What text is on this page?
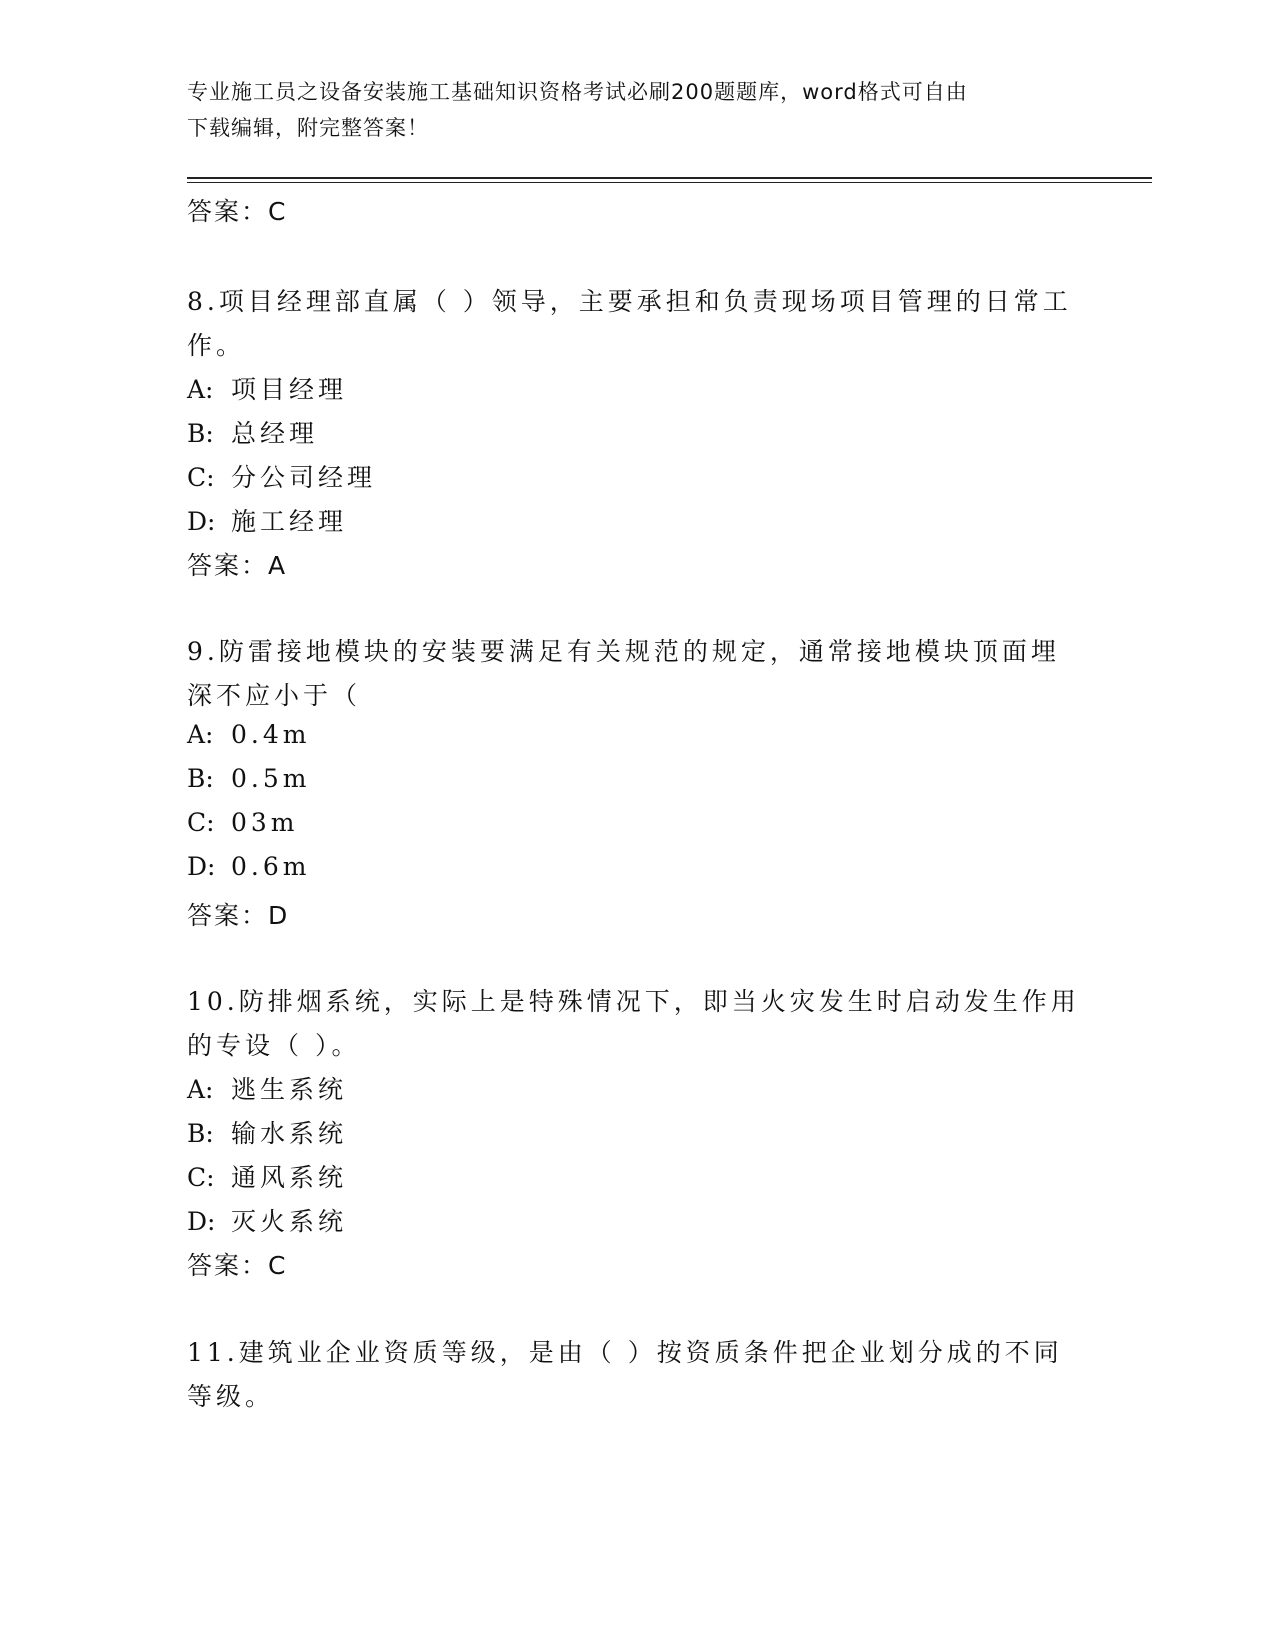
专业施工员之设备安装施工基础知识资格考试必刷200题题库，word格式可自由
下载编辑，附完整答案！
答案：C
8.项目经理部直属（ ）领导，主要承担和负责现场项目管理的日常工
作。
A: 项目经理
B: 总经理
C: 分公司经理
D: 施工经理
答案：A
9.防雷接地模块的安装要满足有关规范的规定，通常接地模块顶面埋
深不应小于（
A: 0.4m
B: 0.5m
C: 03m
D: 0.6m
答案：D
10.防排烟系统，实际上是特殊情况下，即当火灾发生时启动发生作用
的专设（ ）。
A: 逃生系统
B: 输水系统
C: 通风系统
D: 灭火系统
答案：C
11.建筑业企业资质等级，是由（ ）按资质条件把企业划分成的不同
等级。
